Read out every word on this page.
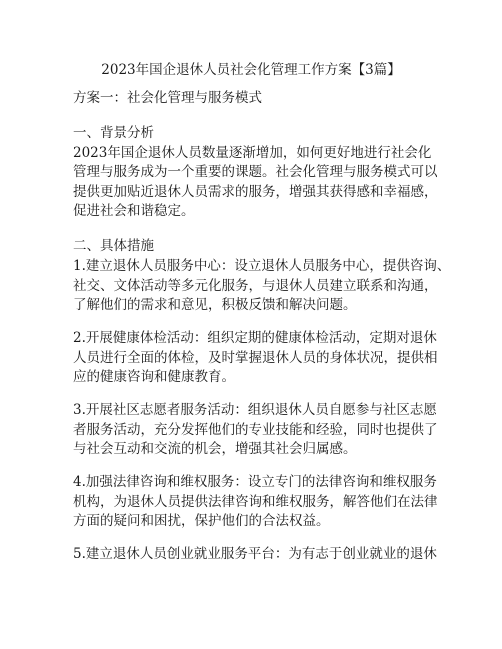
2023年国企退休人员社会化管理工作方案【3篇】
方案一：社会化管理与服务模式
一、背景分析
2023年国企退休人员数量逐渐增加，如何更好地进行社会化
管理与服务成为一个重要的课题。社会化管理与服务模式可以
提供更加贴近退休人员需求的服务，增强其获得感和幸福感，
促进社会和谐稳定。
二、具体措施
1.建立退休人员服务中心：设立退休人员服务中心，提供咨询、
社交、文体活动等多元化服务，与退休人员建立联系和沟通，
了解他们的需求和意见，积极反馈和解决问题。
2.开展健康体检活动：组织定期的健康体检活动，定期对退休
人员进行全面的体检，及时掌握退休人员的身体状况，提供相
应的健康咨询和健康教育。
3.开展社区志愿者服务活动：组织退休人员自愿参与社区志愿
者服务活动，充分发挥他们的专业技能和经验，同时也提供了
与社会互动和交流的机会，增强其社会归属感。
4.加强法律咨询和维权服务：设立专门的法律咨询和维权服务
机构，为退休人员提供法律咨询和维权服务，解答他们在法律
方面的疑问和困扰，保护他们的合法权益。
5.建立退休人员创业就业服务平台：为有志于创业就业的退休
